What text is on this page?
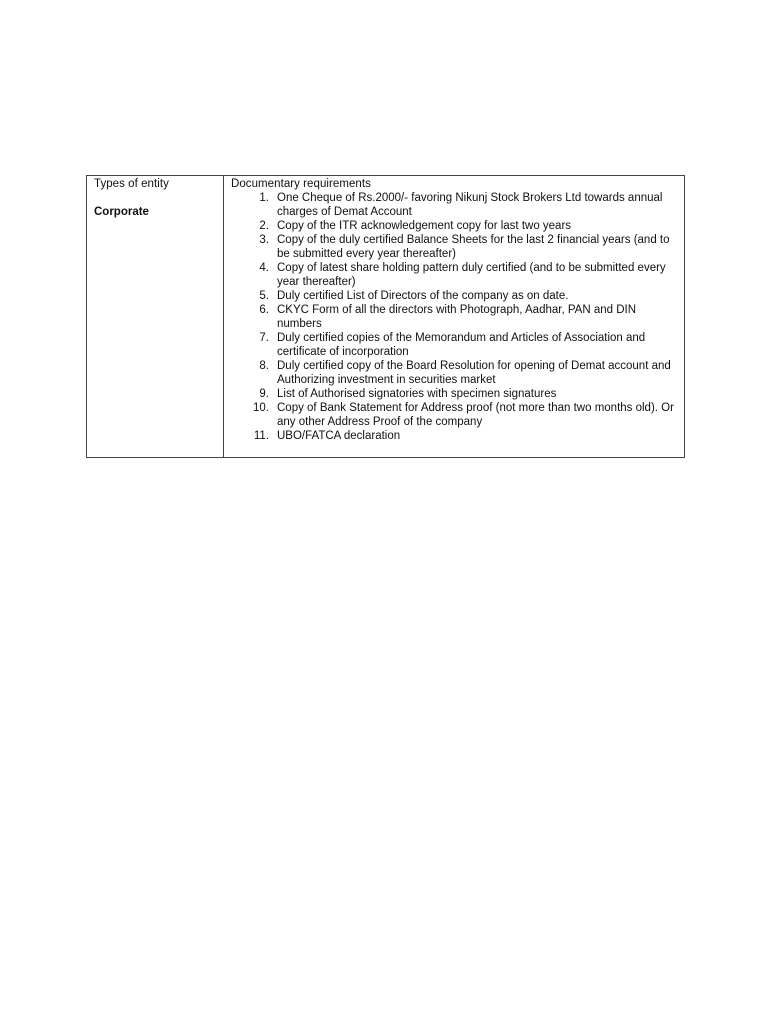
Types of entity
Corporate
Documentary requirements
1. One Cheque of Rs.2000/- favoring Nikunj Stock Brokers Ltd towards annual charges of Demat Account
2. Copy of the ITR acknowledgement copy for last two years
3. Copy of the duly certified Balance Sheets for the last 2 financial years (and to be submitted every year thereafter)
4. Copy of latest share holding pattern duly certified (and to be submitted every year thereafter)
5. Duly certified List of Directors of the company as on date.
6. CKYC Form of all the directors with Photograph, Aadhar, PAN and DIN numbers
7. Duly certified copies of the Memorandum and Articles of Association and certificate of incorporation
8. Duly certified copy of the Board Resolution for opening of Demat account and Authorizing investment in securities market
9. List of Authorised signatories with specimen signatures
10. Copy of Bank Statement for Address proof (not more than two months old). Or any other Address Proof of the company
11. UBO/FATCA declaration
